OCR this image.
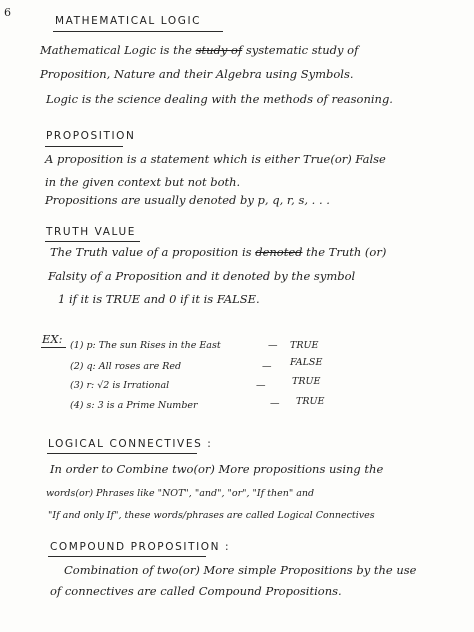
6
MATHEMATICAL LOGIC
Mathematical Logic is the study of systematic study of
Proposition, Nature and their Algebra using Symbols.
Logic is the science dealing with the methods of reasoning.
PROPOSITION
A proposition is a statement which is either True(or) False
in the given context but not both.
Propositions are usually denoted by p, q, r, s, . . .
TRUTH VALUE
The Truth value of a proposition is denoted the Truth (or)
Falsity of a Proposition and it denoted by the symbol
1 if it is TRUE and 0 if it is FALSE.
EX: (1) p: The sun Rises in the East	— TRUE
(2) q: All roses are Red	— FALSE
(3) r: √2 is Irrational	—	TRUE
(4) s: 3 is a Prime Number	— TRUE
LOGICAL CONNECTIVES :
In order to Combine two(or) More propositions using the
words(or) Phrases like "NOT", "and", "or", "If then" and
"If and only If", these words/phrases are called Logical Connectives
COMPOUND PROPOSITION :
Combination of two(or) More simple Propositions by the use
of connectives are called Compound Propositions.
